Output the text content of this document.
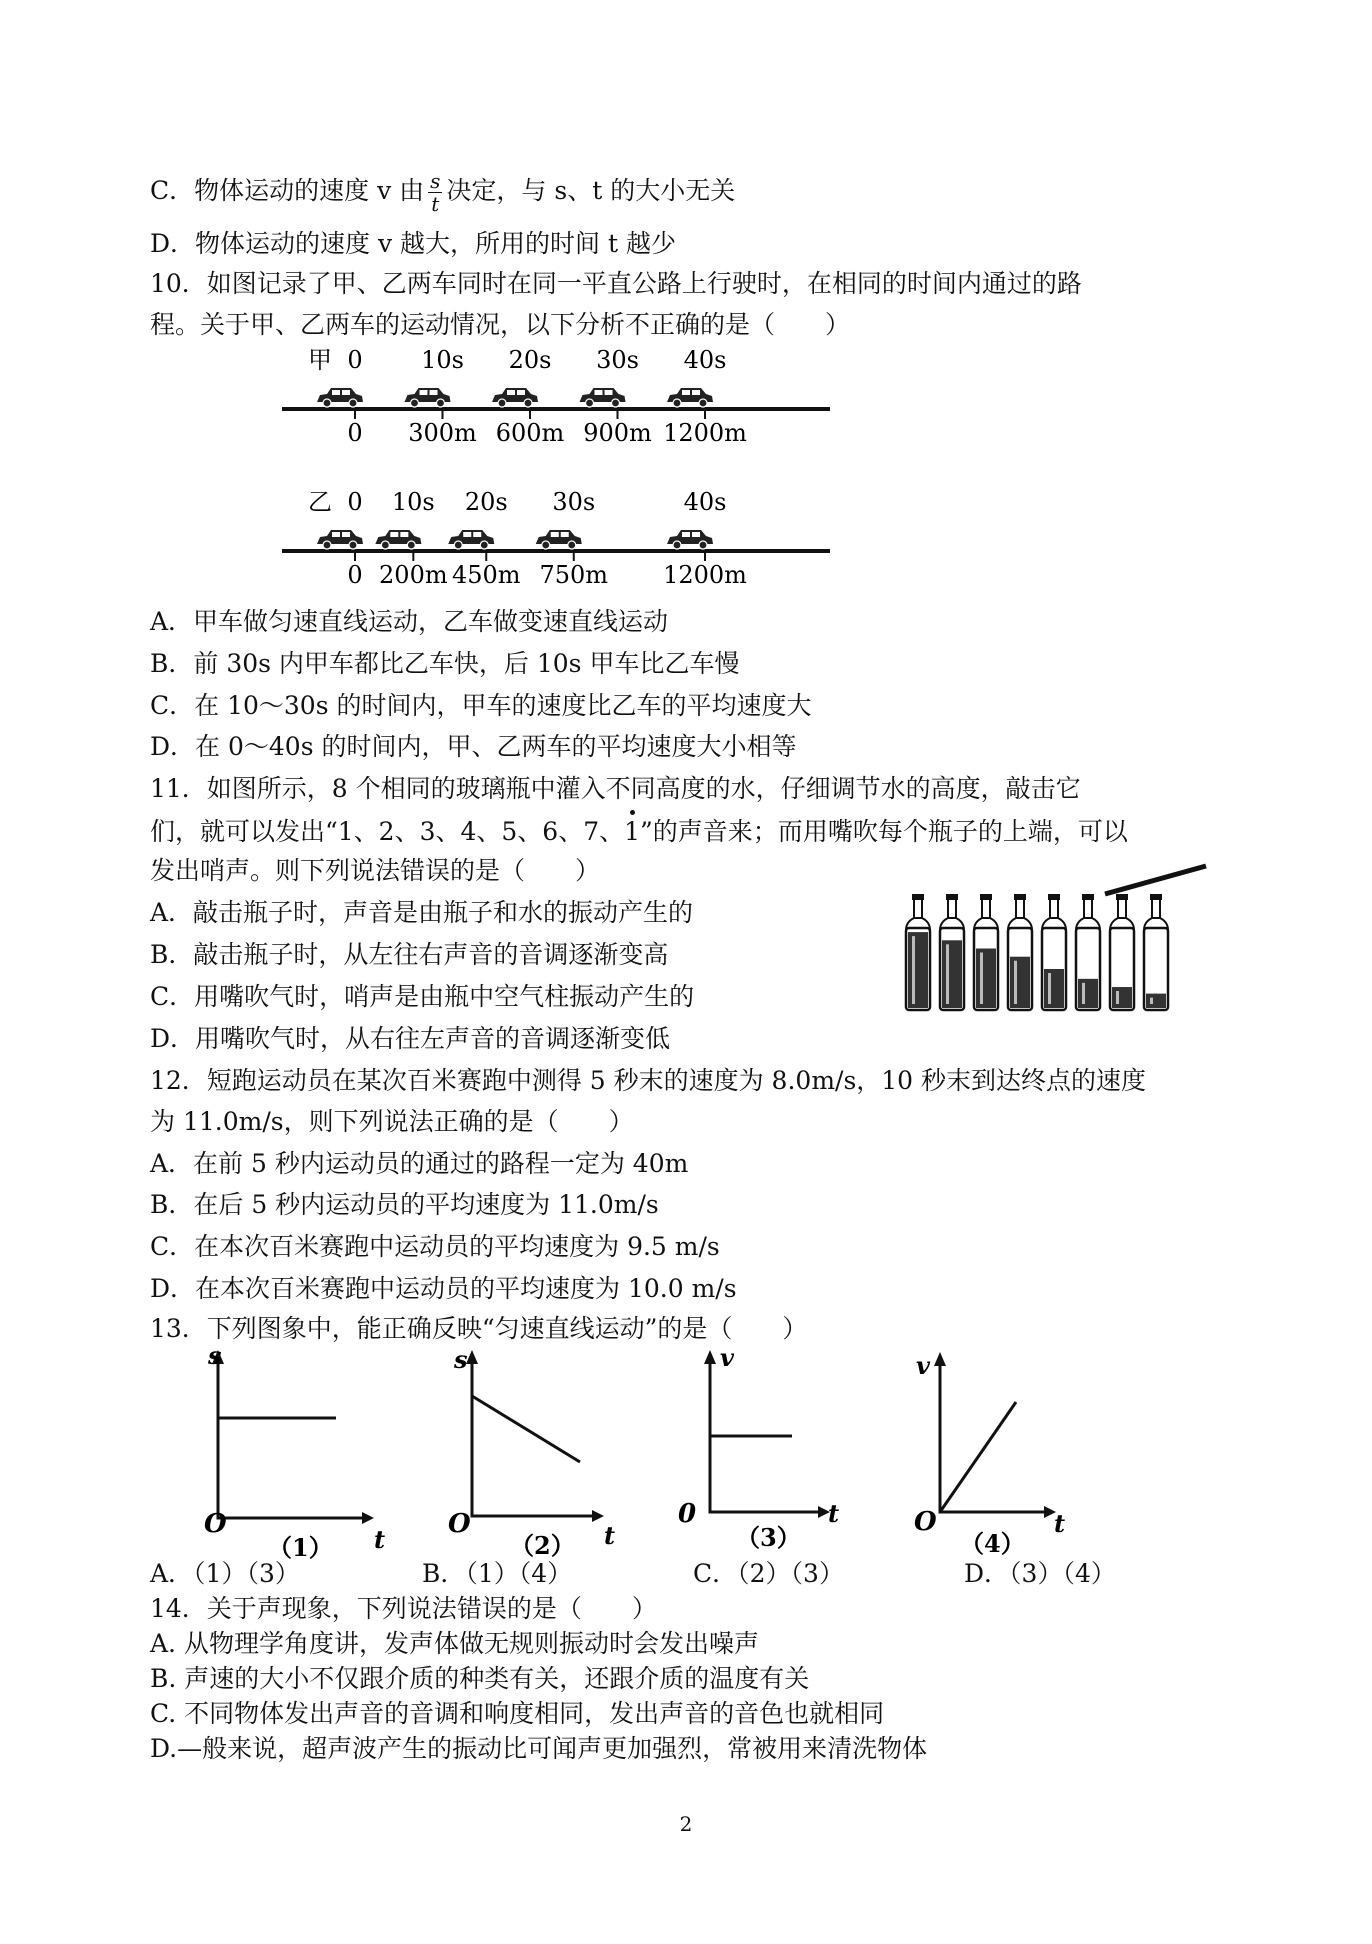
C．物体运动的速度 v 由 $\frac{s}{t}$ 决定，与 s、t 的大小无关
D．物体运动的速度 v 越大，所用的时间 t 越少
10．如图记录了甲、乙两车同时在同一平直公路上行驶时，在相同的时间内通过的路
程。关于甲、乙两车的运动情况，以下分析不正确的是（　　）
甲 0 10s 20s 30s 40s
0 300m 600m 900m 1200m
乙 0 10s 20s 30s	40s
0 200m 450m 750m 1200m
A．甲车做匀速直线运动，乙车做变速直线运动
B．前 30s 内甲车都比乙车快，后 10s 甲车比乙车慢
C．在 10～30s 的时间内，甲车的速度比乙车的平均速度大
D．在 0～40s 的时间内，甲、乙两车的平均速度大小相等
11．如图所示，8 个相同的玻璃瓶中灌入不同高度的水，仔细调节水的高度，敲击它
们，就可以发出“1、2、3、4、5、6、7、1
”的声音来；而用嘴吹每个瓶子的上端，可以
发出哨声。则下列说法错误的是（　　）
A．敲击瓶子时，声音是由瓶子和水的振动产生的
B．敲击瓶子时，从左往右声音的音调逐渐变高
C．用嘴吹气时，哨声是由瓶中空气柱振动产生的
D．用嘴吹气时，从右往左声音的音调逐渐变低
12．短跑运动员在某次百米赛跑中测得 5 秒末的速度为 8.0m/s，10 秒末到达终点的速度
为 11.0m/s，则下列说法正确的是（　　）
A．在前 5 秒内运动员的通过的路程一定为 40m
B．在后 5 秒内运动员的平均速度为 11.0m/s
C．在本次百米赛跑中运动员的平均速度为 9.5 m/s
D．在本次百米赛跑中运动员的平均速度为 10.0 m/s
13．下列图象中，能正确反映“匀速直线运动”的是（　　）
s
t
O
（1）
s
t
O
（2）
v
t
0
（3）
v
t
O
（4）
A．（1）（3）	B．（1）（4）	C．（2）（3）	D．（3）（4）
14．关于声现象，下列说法错误的是（　　）
A. 从物理学角度讲，发声体做无规则振动时会发出噪声
B. 声速的大小不仅跟介质的种类有关，还跟介质的温度有关
C. 不同物体发出声音的音调和响度相同，发出声音的音色也就相同
D.—般来说，超声波产生的振动比可闻声更加强烈，常被用来清洗物体
2
